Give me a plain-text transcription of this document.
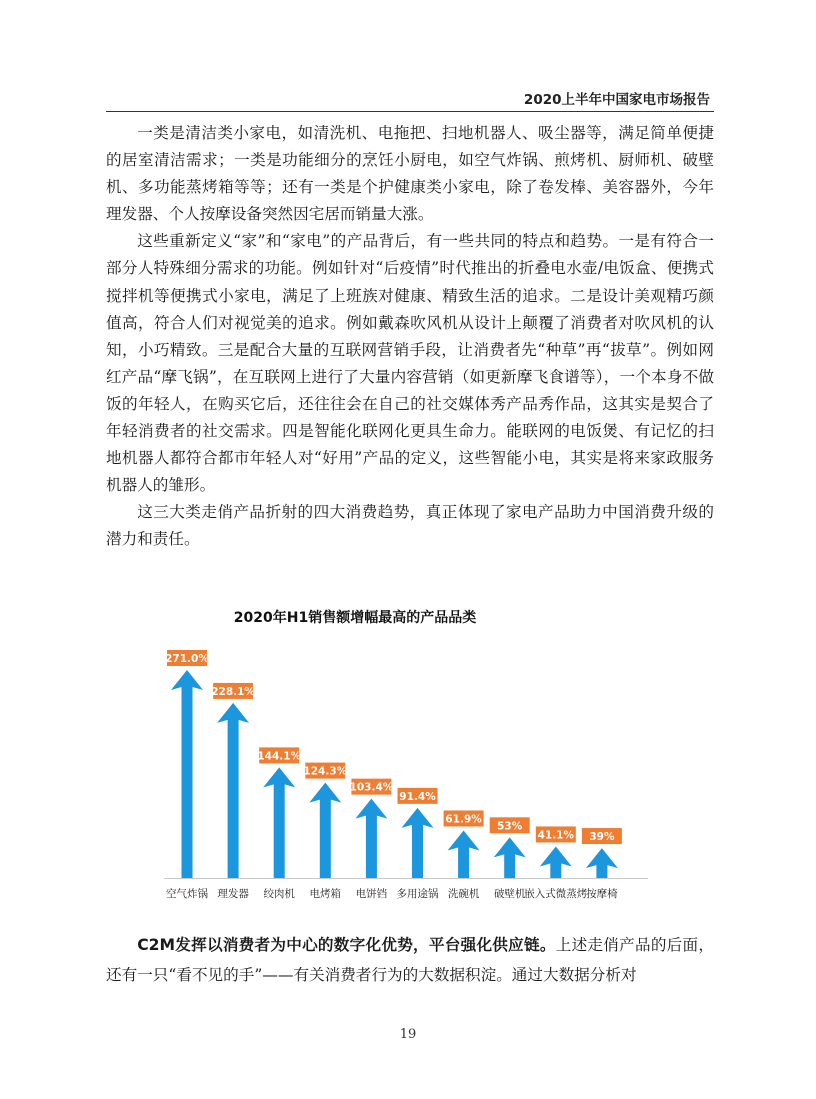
2020上半年中国家电市场报告

一类是清洁类小家电，如清洗机、电拖把、扫地机器人、吸尘器等，满足简单便捷的居室清洁需求；一类是功能细分的烹饪小厨电，如空气炸锅、煎烤机、厨师机、破壁机、多功能蒸烤箱等等；还有一类是个护健康类小家电，除了卷发棒、美容器外，今年理发器、个人按摩设备突然因宅居而销量大涨。

这些重新定义“家”和“家电”的产品背后，有一些共同的特点和趋势。一是有符合一部分人特殊细分需求的功能。例如针对“后疫情”时代推出的折叠电水壶/电饭盒、便携式搅拌机等便携式小家电，满足了上班族对健康、精致生活的追求。二是设计美观精巧颜值高，符合人们对视觉美的追求。例如戴森吹风机从设计上颠覆了消费者对吹风机的认知，小巧精致。三是配合大量的互联网营销手段，让消费者先“种草”再“拔草”。例如网红产品“摩飞锅”，在互联网上进行了大量内容营销（如更新摩飞食谱等），一个本身不做饭的年轻人，在购买它后，还往往会在自己的社交媒体秀产品秀作品，这其实是契合了年轻消费者的社交需求。四是智能化联网化更具生命力。能联网的电饭煲、有记忆的扫地机器人都符合都市年轻人对“好用”产品的定义，这些智能小电，其实是将来家政服务机器人的雏形。

这三大类走俏产品折射的四大消费趋势，真正体现了家电产品助力中国消费升级的潜力和责任。

2020年H1销售额增幅最高的产品品类
271.0%
空气炸锅
228.1%
理发器
144.1%
绞肉机
124.3%
电烤箱
103.4%
电饼铛
91.4%
多用途锅
61.9%
洗碗机
53%
破壁机
41.1%
嵌入式微蒸烤
39%
按摩椅

C2M发挥以消费者为中心的数字化优势，平台强化供应链。上述走俏产品的后面，还有一只“看不见的手”——有关消费者行为的大数据积淀。通过大数据分析对

19
